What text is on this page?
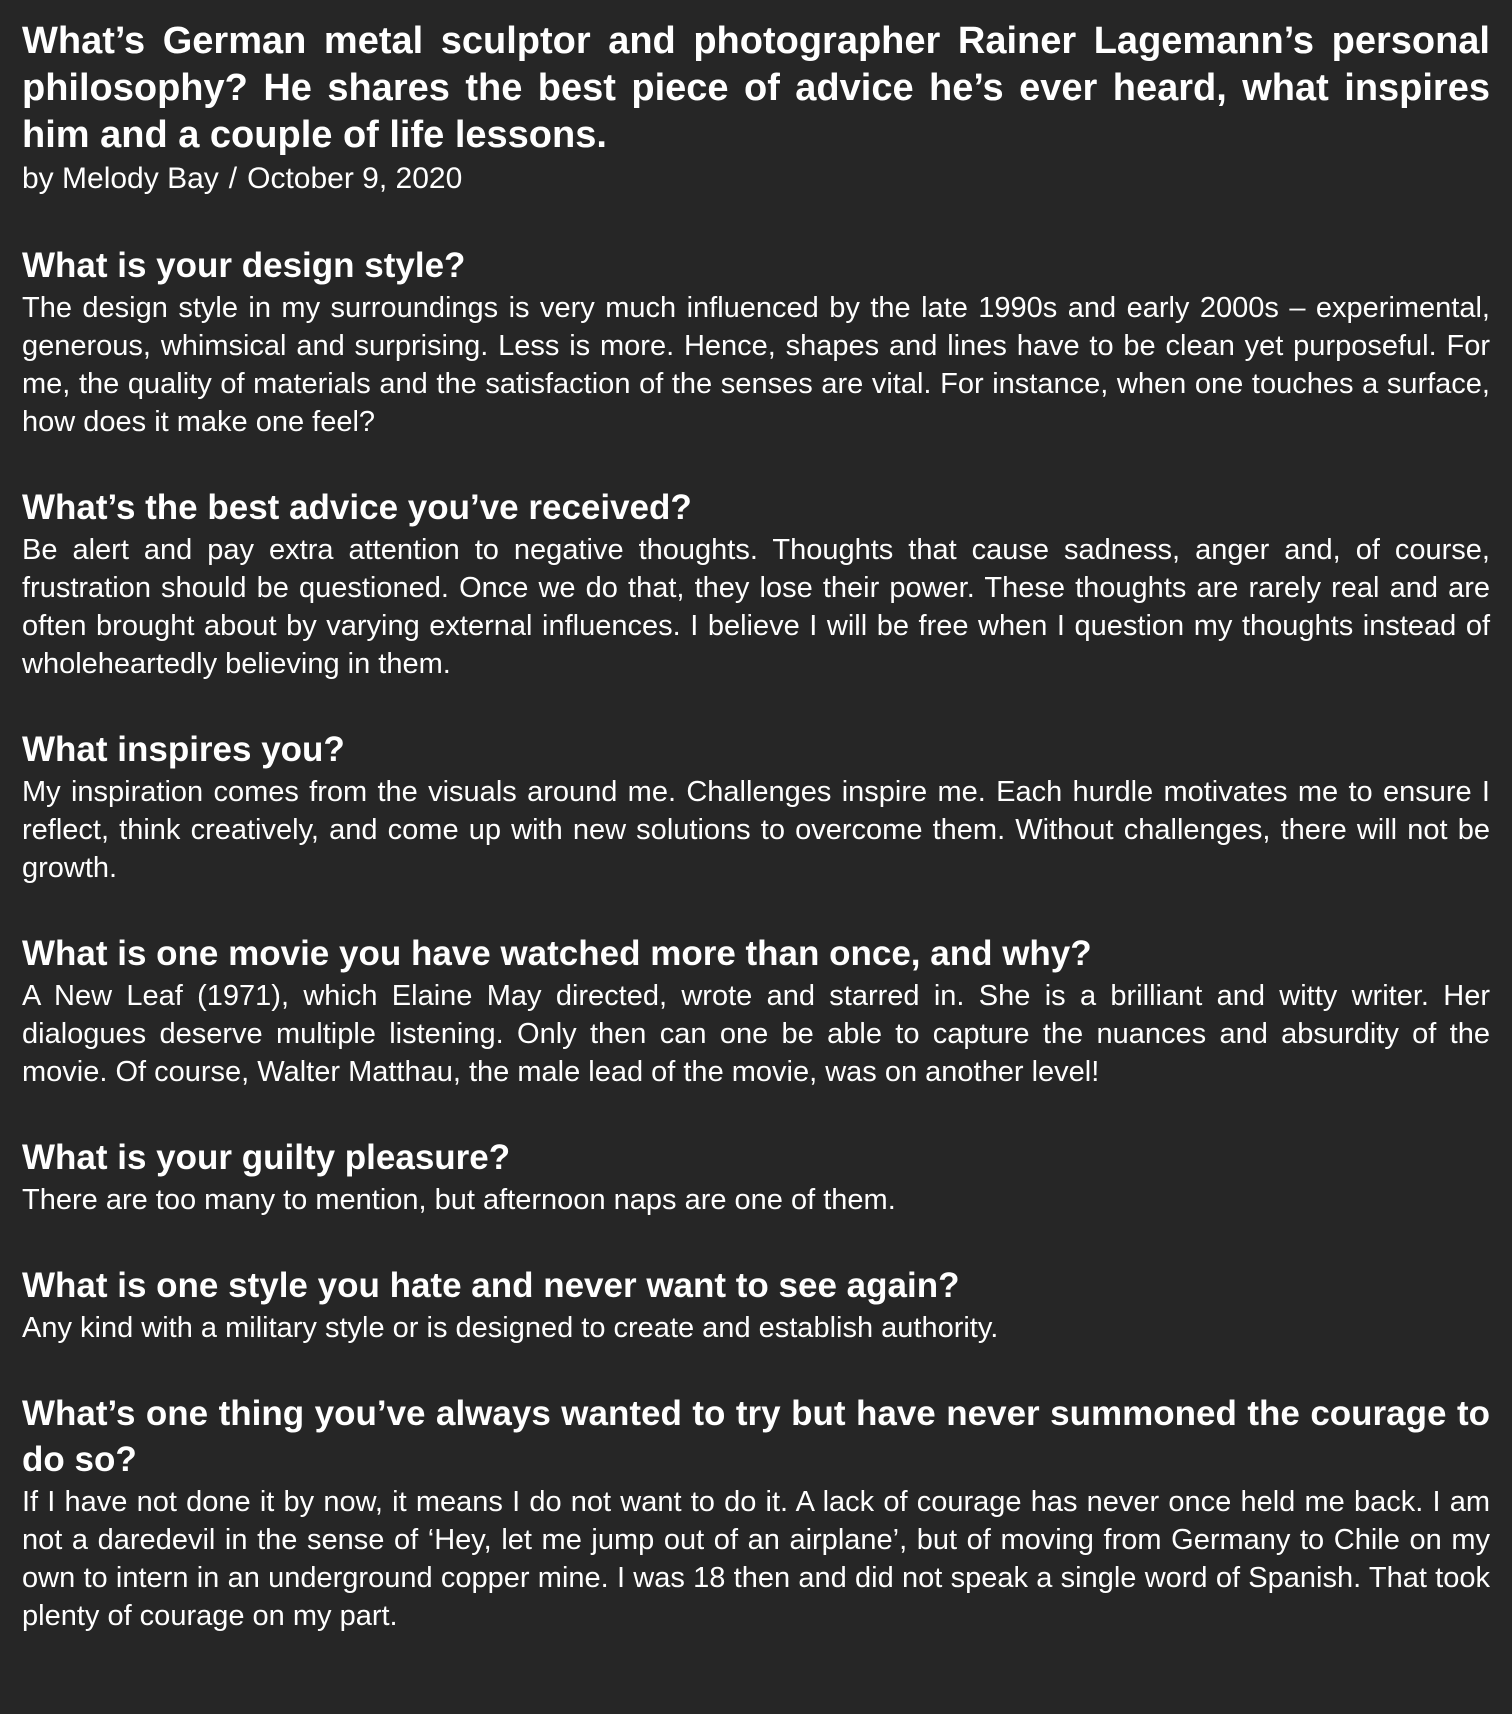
What’s German metal sculptor and photographer Rainer Lagemann’s personal philosophy? He shares the best piece of advice he’s ever heard, what inspires him and a couple of life lessons.

by Melody Bay / October 9, 2020

What is your design style?

The design style in my surroundings is very much influenced by the late 1990s and early 2000s – experimental, generous, whimsical and surprising. Less is more. Hence, shapes and lines have to be clean yet purposeful. For me, the quality of materials and the satisfaction of the senses are vital. For instance, when one touches a surface, how does it make one feel?

What’s the best advice you’ve received?

Be alert and pay extra attention to negative thoughts. Thoughts that cause sadness, anger and, of course, frustration should be questioned. Once we do that, they lose their power. These thoughts are rarely real and are often brought about by varying external influences. I believe I will be free when I question my thoughts instead of wholeheartedly believing in them.

What inspires you?

My inspiration comes from the visuals around me. Challenges inspire me. Each hurdle motivates me to ensure I reflect, think creatively, and come up with new solutions to overcome them. Without challenges, there will not be growth.

What is one movie you have watched more than once, and why?

A New Leaf (1971), which Elaine May directed, wrote and starred in. She is a brilliant and witty writer. Her dialogues deserve multiple listening. Only then can one be able to capture the nuances and absurdity of the movie. Of course, Walter Matthau, the male lead of the movie, was on another level!

What is your guilty pleasure?

There are too many to mention, but afternoon naps are one of them.

What is one style you hate and never want to see again?

Any kind with a military style or is designed to create and establish authority.

What’s one thing you’ve always wanted to try but have never summoned the courage to do so?

If I have not done it by now, it means I do not want to do it. A lack of courage has never once held me back. I am not a daredevil in the sense of ‘Hey, let me jump out of an airplane’, but of moving from Germany to Chile on my own to intern in an underground copper mine. I was 18 then and did not speak a single word of Spanish. That took plenty of courage on my part.
